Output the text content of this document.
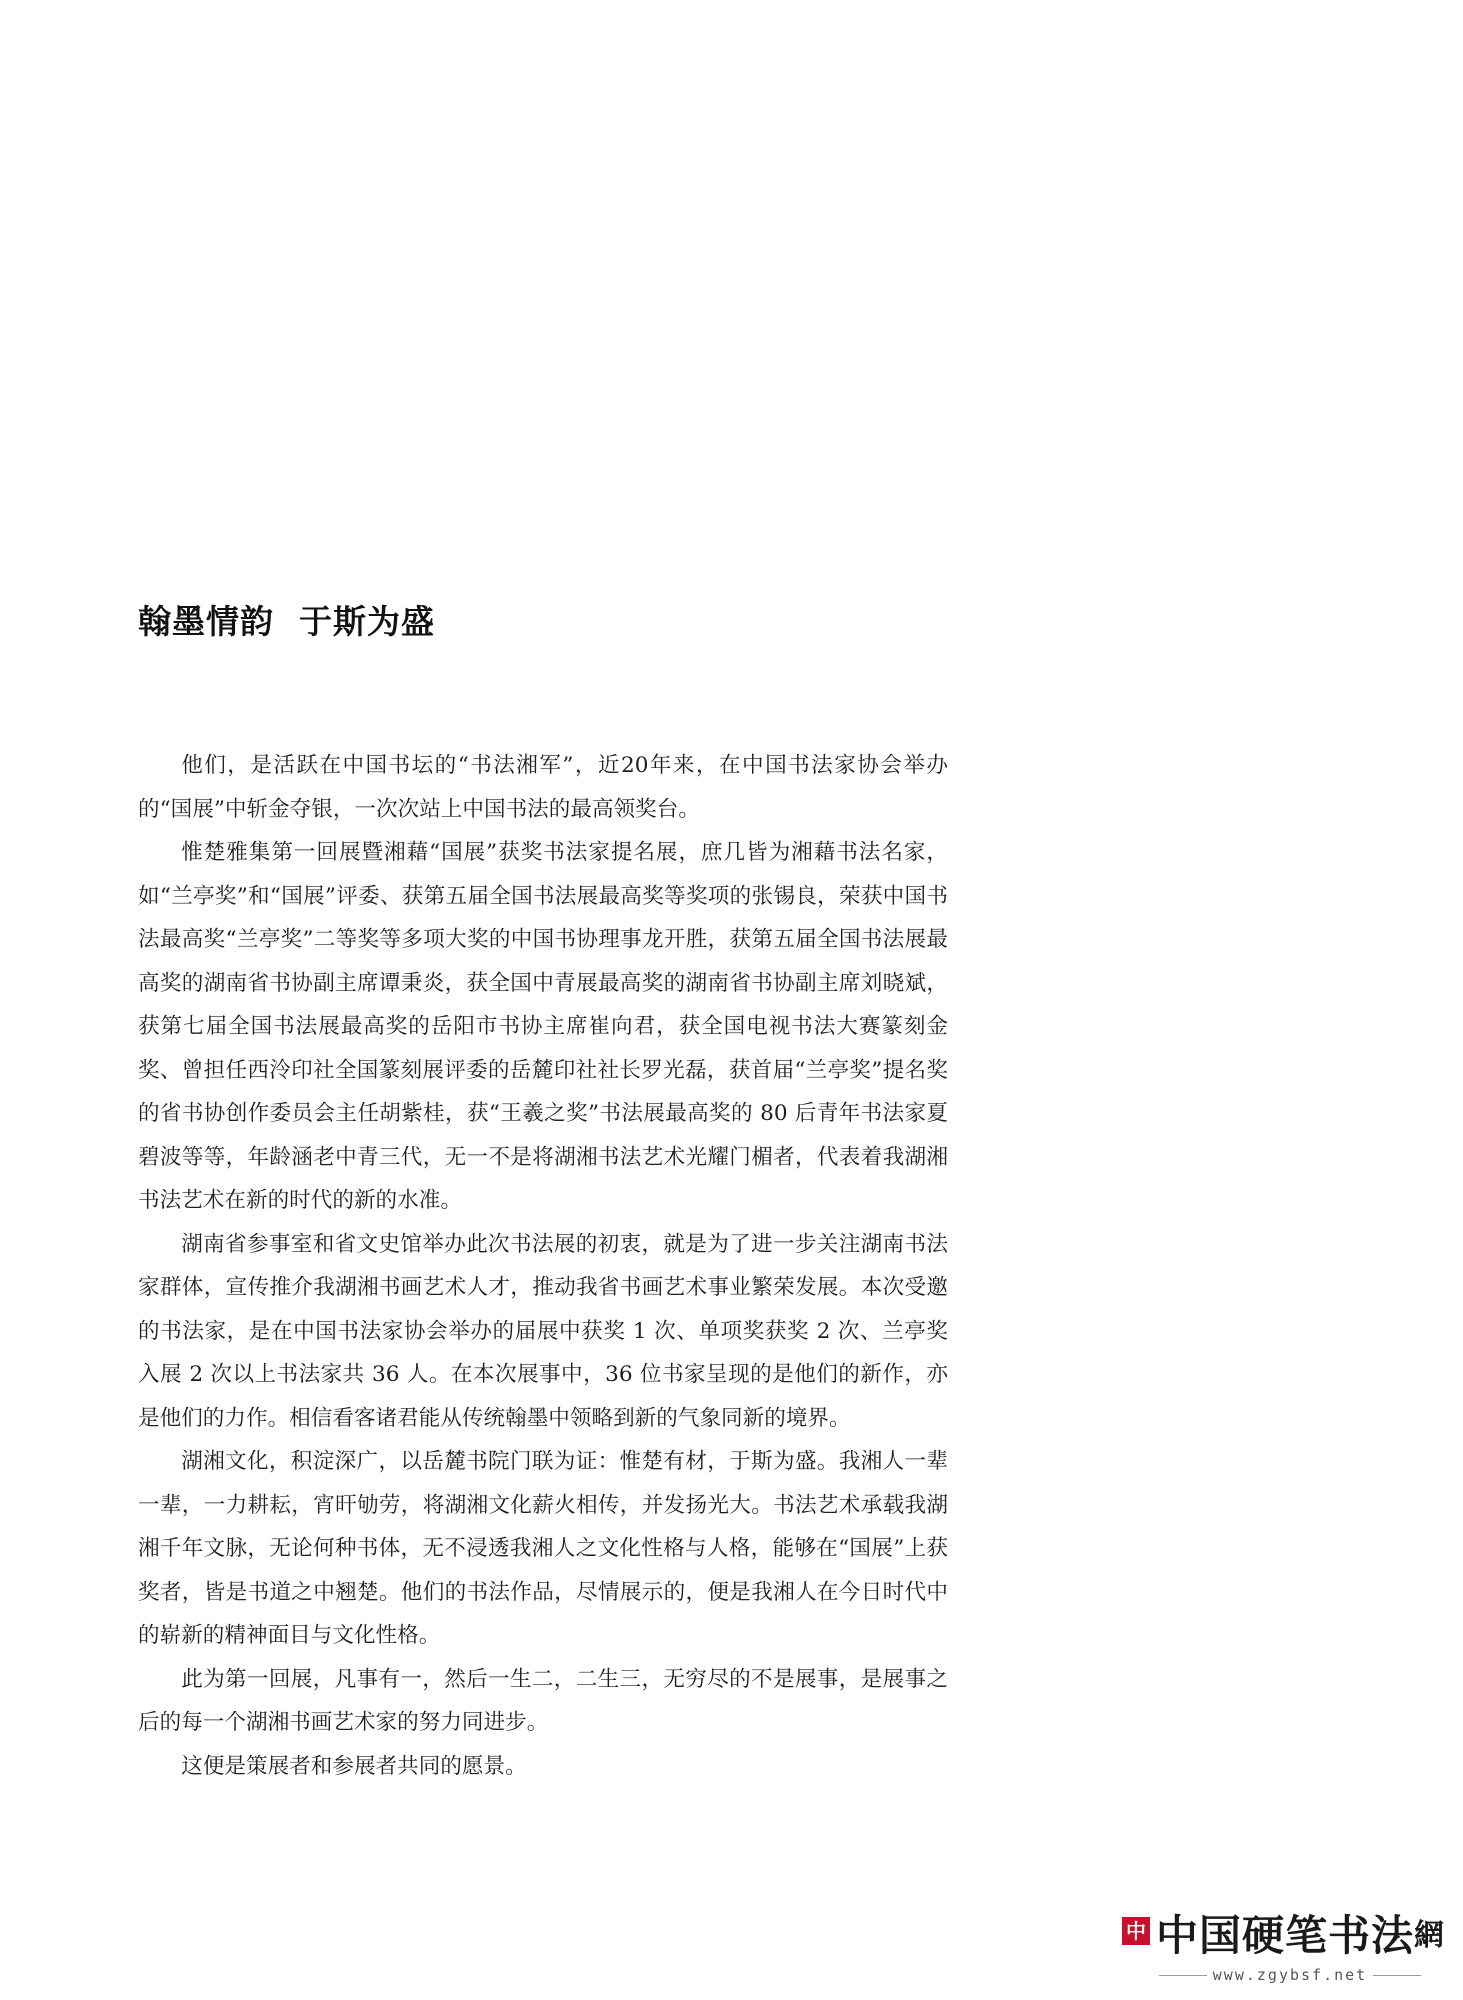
翰墨情韵  于斯为盛

他们，是活跃在中国书坛的“书法湘军”，近20年来，在中国书法家协会举办的“国展”中斩金夺银，一次次站上中国书法的最高领奖台。

惟楚雅集第一回展暨湘藉“国展”获奖书法家提名展，庶几皆为湘藉书法名家，如“兰亭奖”和“国展”评委、获第五届全国书法展最高奖等奖项的张锡良，荣获中国书法最高奖“兰亭奖”二等奖等多项大奖的中国书协理事龙开胜，获第五届全国书法展最高奖的湖南省书协副主席谭秉炎，获全国中青展最高奖的湖南省书协副主席刘晓斌，获第七届全国书法展最高奖的岳阳市书协主席崔向君，获全国电视书法大赛篆刻金奖、曾担任西泠印社全国篆刻展评委的岳麓印社社长罗光磊，获首届“兰亭奖”提名奖的省书协创作委员会主任胡紫桂，获“王羲之奖”书法展最高奖的 80 后青年书法家夏碧波等等，年龄涵老中青三代，无一不是将湖湘书法艺术光耀门楣者，代表着我湖湘书法艺术在新的时代的新的水准。

湖南省参事室和省文史馆举办此次书法展的初衷，就是为了进一步关注湖南书法家群体，宣传推介我湖湘书画艺术人才，推动我省书画艺术事业繁荣发展。本次受邀的书法家，是在中国书法家协会举办的届展中获奖 1 次、单项奖获奖 2 次、兰亭奖入展 2 次以上书法家共 36 人。在本次展事中，36 位书家呈现的是他们的新作，亦是他们的力作。相信看客诸君能从传统翰墨中领略到新的气象同新的境界。

湖湘文化，积淀深广，以岳麓书院门联为证：惟楚有材，于斯为盛。我湘人一辈一辈，一力耕耘，宵旰劬劳，将湖湘文化薪火相传，并发扬光大。书法艺术承载我湖湘千年文脉，无论何种书体，无不浸透我湘人之文化性格与人格，能够在“国展”上获奖者，皆是书道之中翘楚。他们的书法作品，尽情展示的，便是我湘人在今日时代中的崭新的精神面目与文化性格。

此为第一回展，凡事有一，然后一生二，二生三，无穷尽的不是展事，是展事之后的每一个湖湘书画艺术家的努力同进步。

这便是策展者和参展者共同的愿景。

中 中国硬笔书法網
www.zgybsf.net
